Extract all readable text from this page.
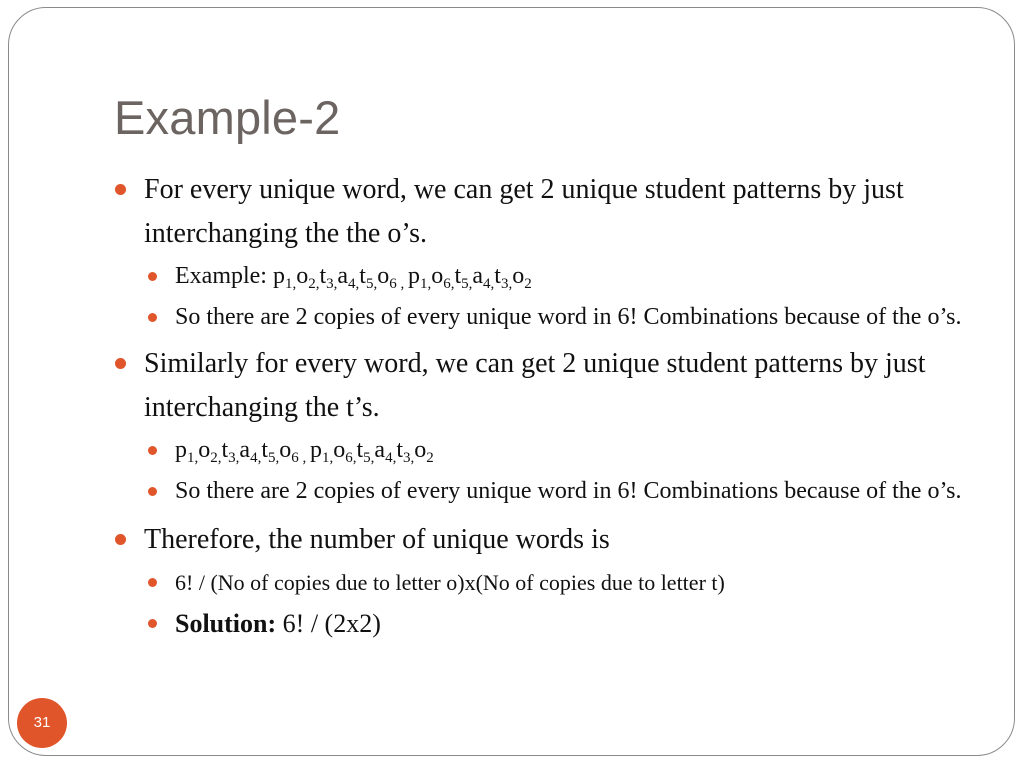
Example-2
For every unique word, we can get 2 unique student patterns by just interchanging the the o’s.
Example: $p_{1,}o_{2,}t_{3,}a_{4,}t_{5,}o_{6 ,}$ $p_{1,}o_{6,}t_{5,}a_{4,}t_{3,}o_2$
So there are 2 copies of every unique word in 6! Combinations because of the o’s.
Similarly for every word, we can get 2 unique student patterns by just interchanging the t’s.
$p_{1,}o_{2,}t_{3,}a_{4,}t_{5,}o_{6 ,}$ $p_{1,}o_{6,}t_{5,}a_{4,}t_{3,}o_2$
So there are 2 copies of every unique word in 6! Combinations because of the o’s.
Therefore, the number of unique words is
6! / (No of copies due to letter o)x(No of copies due to letter t)
Solution: 6! / (2x2)
31
